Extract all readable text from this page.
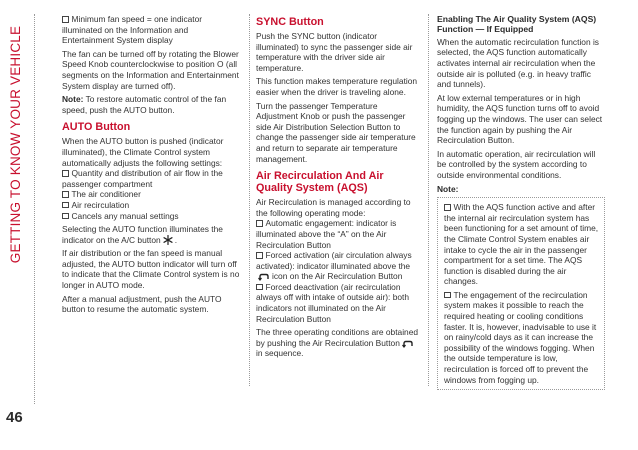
GETTING TO KNOW YOUR VEHICLE
46

Minimum fan speed = one indicator illuminated on the Information and Entertainment System display

The fan can be turned off by rotating the Blower Speed Knob counterclockwise to position O (all segments on the Information and Entertainment System display are turned off).

Note: To restore automatic control of the fan speed, push the AUTO button.

AUTO Button

When the AUTO button is pushed (indicator illuminated), the Climate Control system automatically adjusts the following settings:

Quantity and distribution of air flow in the passenger compartment

The air conditioner

Air recirculation

Cancels any manual settings

Selecting the AUTO function illuminates the indicator on the A/C button .

If air distribution or the fan speed is manual adjusted, the AUTO button indicator will turn off to indicate that the Climate Control system is no longer in AUTO mode.

After a manual adjustment, push the AUTO button to resume the automatic system.

SYNC Button

Push the SYNC button (indicator illuminated) to sync the passenger side air temperature with the driver side air temperature.

This function makes temperature regulation easier when the driver is traveling alone.

Turn the passenger Temperature Adjustment Knob or push the passenger side Air Distribution Selection Button to change the passenger side air temperature and return to separate air temperature management.

Air Recirculation And Air Quality System (AQS)

Air Recirculation is managed according to the following operating mode:

Automatic engagement: indicator is illuminated above the “A” on the Air Recirculation Button

Forced activation (air circulation always activated): indicator illuminated above theicon on the Air Recirculation Button

Forced deactivation (air recirculation always off with intake of outside air): both indicators not illuminated on the Air Recirculation Button

The three operating conditions are obtained by pushing the Air Recirculation Buttonin sequence.

Enabling The Air Quality System (AQS) Function — If Equipped

When the automatic recirculation function is selected, the AQS function automatically activates internal air recirculation when the outside air is polluted (e.g. in heavy traffic and tunnels).

At low external temperatures or in high humidity, the AQS function turns off to avoid fogging up the windows. The user can select the function again by pushing the Air Recirculation Button.

In automatic operation, air recirculation will be controlled by the system according to outside environmental conditions.

Note:

With the AQS function active and after the internal air recirculation system has been functioning for a set amount of time, the Climate Control System enables air intake to cycle the air in the passenger compartment for a set time. The AQS function is disabled during the air changes.

The engagement of the recirculation system makes it possible to reach the required heating or cooling conditions faster. It is, however, inadvisable to use it on rainy/cold days as it can increase the possibility of the windows fogging. When the outside temperature is low, recirculation is forced off to prevent the windows from fogging up.
